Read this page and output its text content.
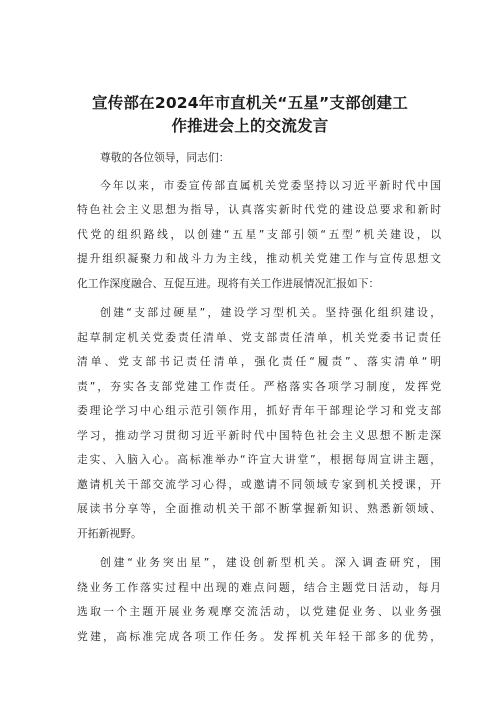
宣传部在2024年市直机关“五星”支部创建工
作推进会上的交流发言
尊敬的各位领导，同志们：
今年以来，市委宣传部直属机关党委坚持以习近平新时代中国
特色社会主义思想为指导，认真落实新时代党的建设总要求和新时
代党的组织路线，以创建“五星”支部引领“五型”机关建设，以
提升组织凝聚力和战斗力为主线，推动机关党建工作与宣传思想文
化工作深度融合、互促互进。现将有关工作进展情况汇报如下：
创建“支部过硬星”，建设学习型机关。坚持强化组织建设，
起草制定机关党委责任清单、党支部责任清单，机关党委书记责任
清单、党支部书记责任清单，强化责任“履责”、落实清单“明
责”，夯实各支部党建工作责任。严格落实各项学习制度，发挥党
委理论学习中心组示范引领作用，抓好青年干部理论学习和党支部
学习，推动学习贯彻习近平新时代中国特色社会主义思想不断走深
走实、入脑入心。高标准举办“许宣大讲堂”，根据每周宣讲主题，
邀请机关干部交流学习心得，或邀请不同领域专家到机关授课，开
展读书分享等，全面推动机关干部不断掌握新知识、熟悉新领域、
开拓新视野。
创建“业务突出星”，建设创新型机关。深入调查研究，围
绕业务工作落实过程中出现的难点问题，结合主题党日活动，每月
选取一个主题开展业务观摩交流活动，以党建促业务、以业务强
党建，高标准完成各项工作任务。发挥机关年轻干部多的优势，
